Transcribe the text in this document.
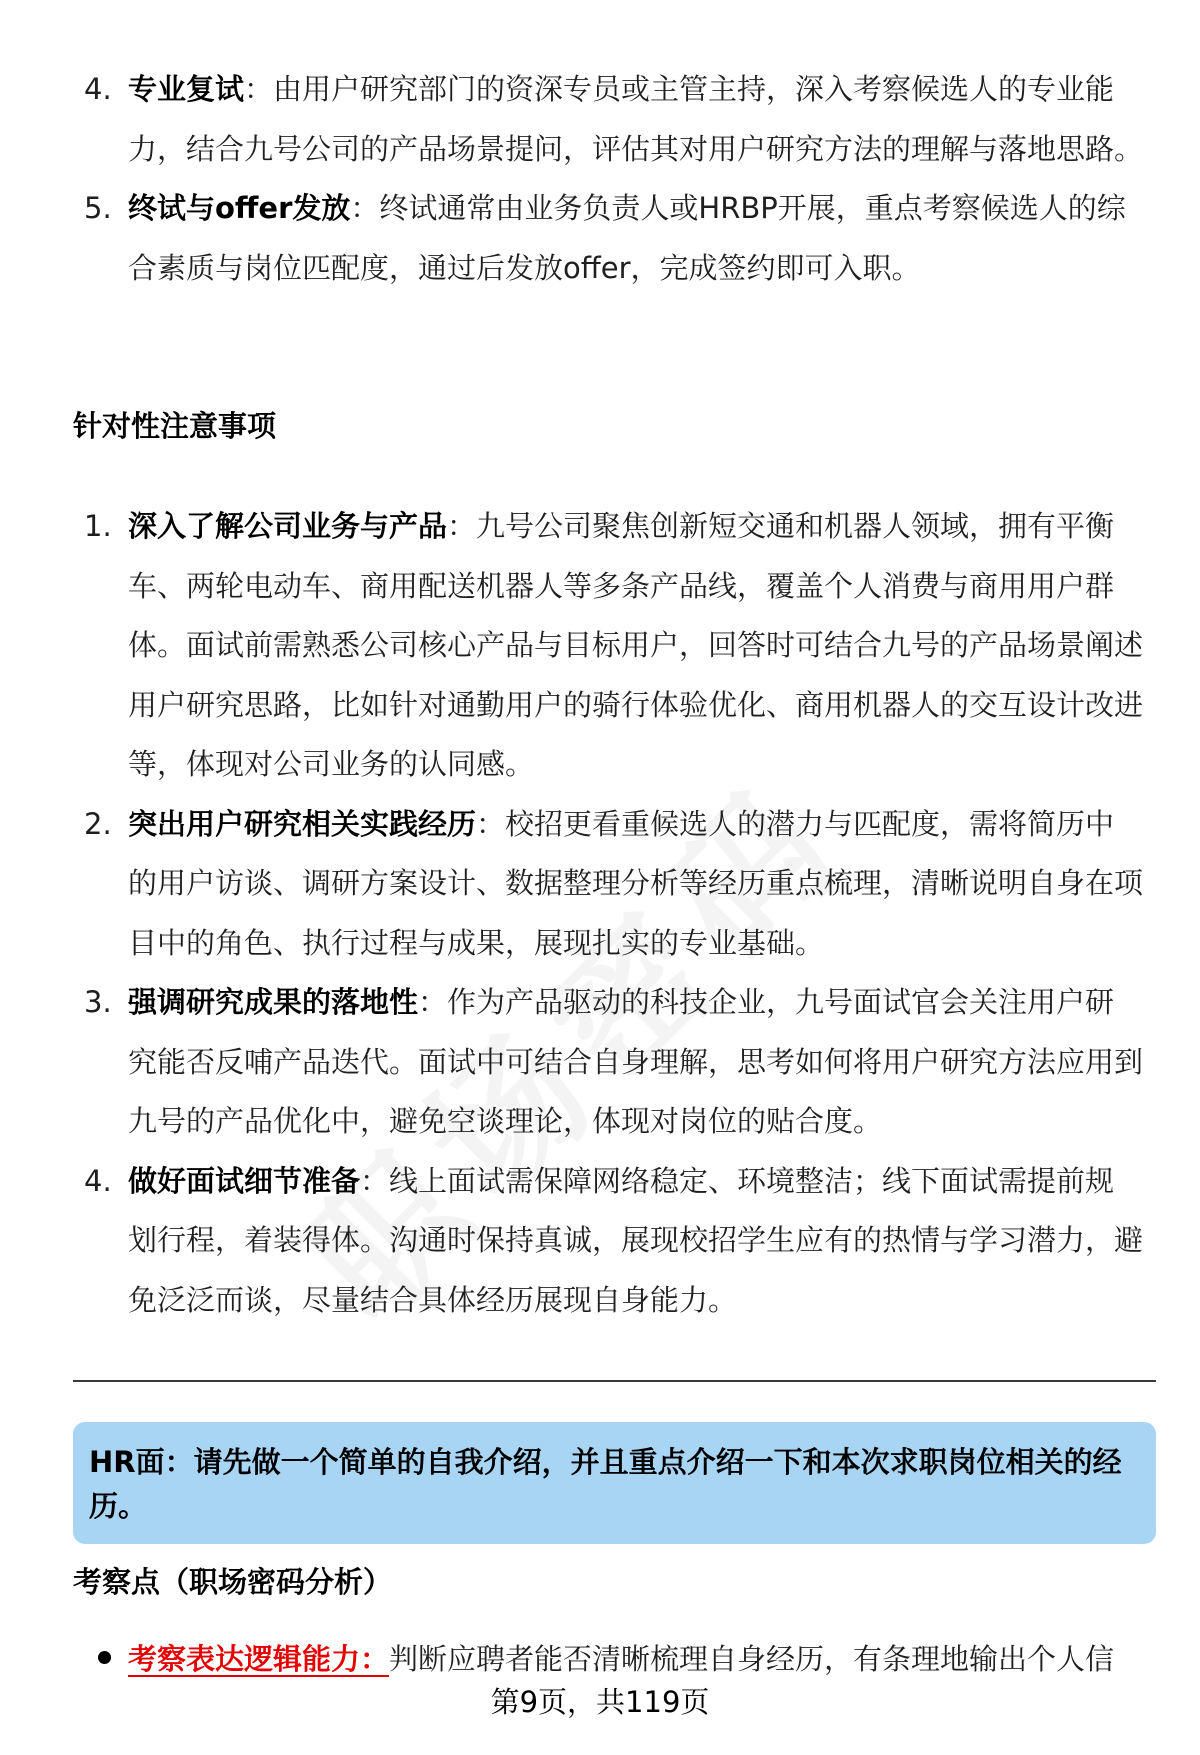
4. 专业复试：由用户研究部门的资深专员或主管主持，深入考察候选人的专业能力，结合九号公司的产品场景提问，评估其对用户研究方法的理解与落地思路。
5. 终试与offer发放：终试通常由业务负责人或HRBP开展，重点考察候选人的综合素质与岗位匹配度，通过后发放offer，完成签约即可入职。
针对性注意事项
1. 深入了解公司业务与产品：九号公司聚焦创新短交通和机器人领域，拥有平衡车、两轮电动车、商用配送机器人等多条产品线，覆盖个人消费与商用用户群体。面试前需熟悉公司核心产品与目标用户，回答时可结合九号的产品场景阐述用户研究思路，比如针对通勤用户的骑行体验优化、商用机器人的交互设计改进等，体现对公司业务的认同感。
2. 突出用户研究相关实践经历：校招更看重候选人的潜力与匹配度，需将简历中的用户访谈、调研方案设计、数据整理分析等经历重点梳理，清晰说明自身在项目中的角色、执行过程与成果，展现扎实的专业基础。
3. 强调研究成果的落地性：作为产品驱动的科技企业，九号面试官会关注用户研究能否反哺产品迭代。面试中可结合自身理解，思考如何将用户研究方法应用到九号的产品优化中，避免空谈理论，体现对岗位的贴合度。
4. 做好面试细节准备：线上面试需保障网络稳定、环境整洁；线下面试需提前规划行程，着装得体。沟通时保持真诚，展现校招学生应有的热情与学习潜力，避免泛泛而谈，尽量结合具体经历展现自身能力。
HR面：请先做一个简单的自我介绍，并且重点介绍一下和本次求职岗位相关的经历。
考察点（职场密码分析）
考察表达逻辑能力：判断应聘者能否清晰梳理自身经历，有条理地输出个人信
第9页，共119页
